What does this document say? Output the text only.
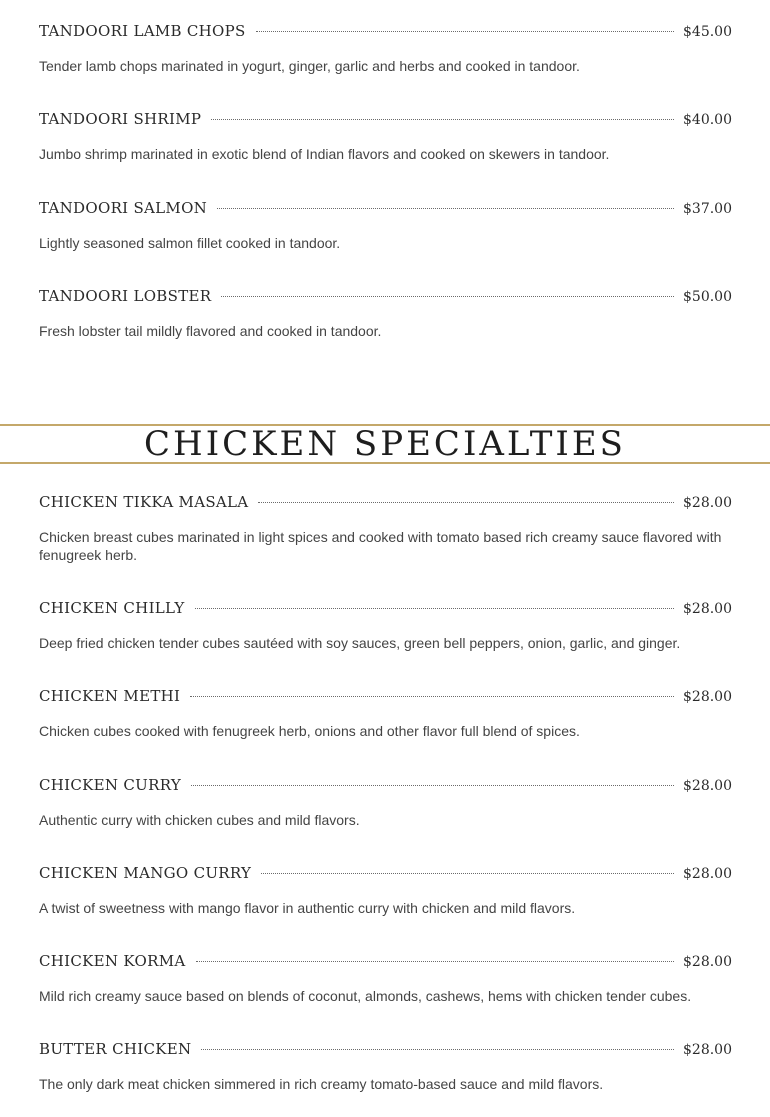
TANDOORI LAMB CHOPS	$45.00
Tender lamb chops marinated in yogurt, ginger, garlic and herbs and cooked in tandoor.
TANDOORI SHRIMP	$40.00
Jumbo shrimp marinated in exotic blend of Indian flavors and cooked on skewers in tandoor.
TANDOORI SALMON	$37.00
Lightly seasoned salmon fillet cooked in tandoor.
TANDOORI LOBSTER	$50.00
Fresh lobster tail mildly flavored and cooked in tandoor.
CHICKEN SPECIALTIES
CHICKEN TIKKA MASALA	$28.00
Chicken breast cubes marinated in light spices and cooked with tomato based rich creamy sauce flavored with fenugreek herb.
CHICKEN CHILLY	$28.00
Deep fried chicken tender cubes sautéed with soy sauces, green bell peppers, onion, garlic, and ginger.
CHICKEN METHI	$28.00
Chicken cubes cooked with fenugreek herb, onions and other flavor full blend of spices.
CHICKEN CURRY	$28.00
Authentic curry with chicken cubes and mild flavors.
CHICKEN MANGO CURRY	$28.00
A twist of sweetness with mango flavor in authentic curry with chicken and mild flavors.
CHICKEN KORMA	$28.00
Mild rich creamy sauce based on blends of coconut, almonds, cashews, hems with chicken tender cubes.
BUTTER CHICKEN	$28.00
The only dark meat chicken simmered in rich creamy tomato-based sauce and mild flavors.
